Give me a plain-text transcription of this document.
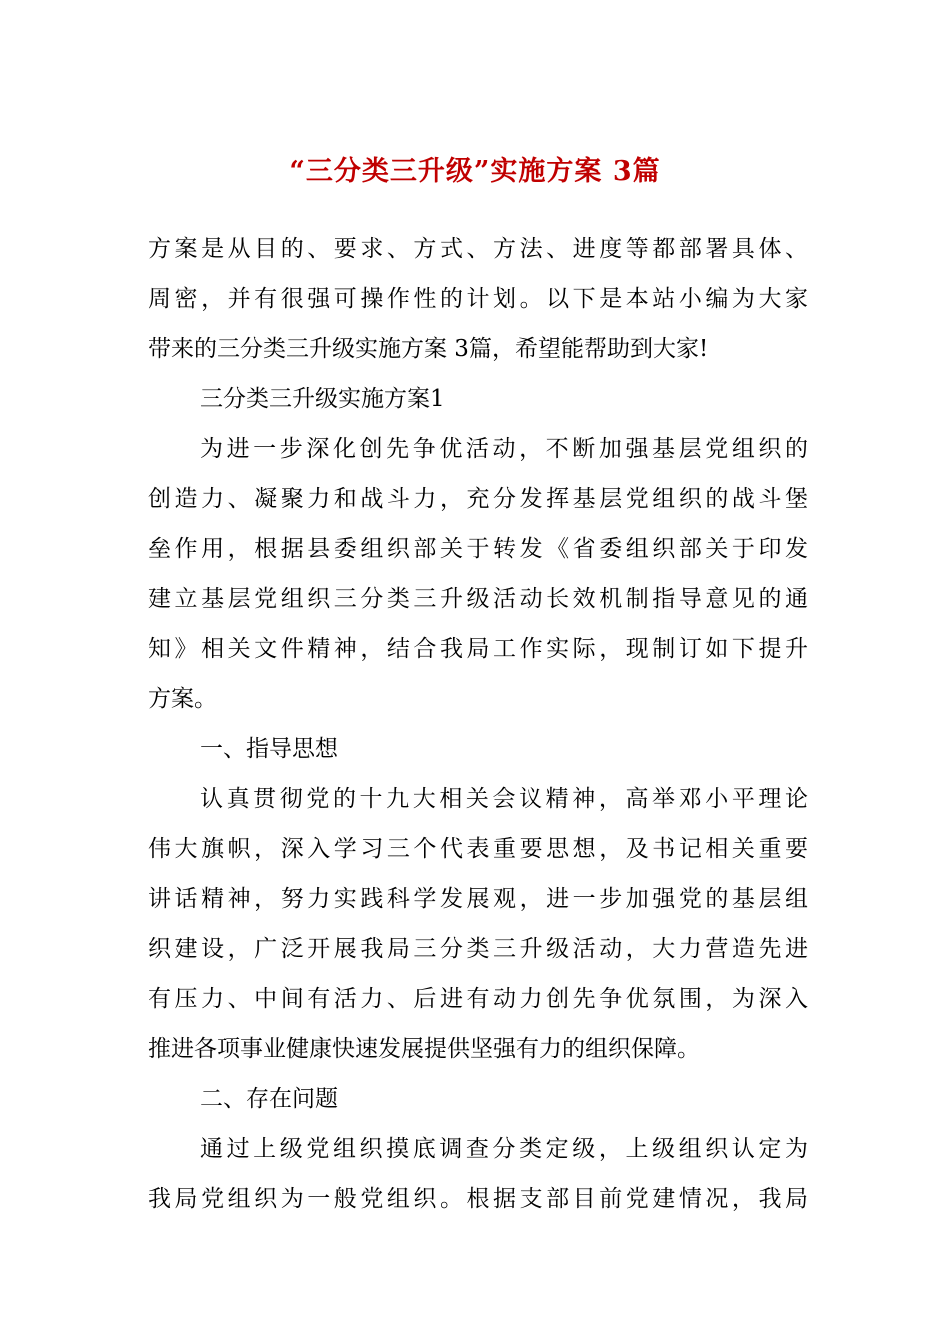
“三分类三升级”实施方案 3篇
方案是从目的、要求、方式、方法、进度等都部署具体、
周密，并有很强可操作性的计划。以下是本站小编为大家
带来的三分类三升级实施方案 3篇，希望能帮助到大家!
三分类三升级实施方案1
为进一步深化创先争优活动，不断加强基层党组织的
创造力、凝聚力和战斗力，充分发挥基层党组织的战斗堡
垒作用，根据县委组织部关于转发《省委组织部关于印发
建立基层党组织三分类三升级活动长效机制指导意见的通
知》相关文件精神，结合我局工作实际，现制订如下提升
方案。
一、指导思想
认真贯彻党的十九大相关会议精神，高举邓小平理论
伟大旗帜，深入学习三个代表重要思想，及书记相关重要
讲话精神，努力实践科学发展观，进一步加强党的基层组
织建设，广泛开展我局三分类三升级活动，大力营造先进
有压力、中间有活力、后进有动力创先争优氛围，为深入
推进各项事业健康快速发展提供坚强有力的组织保障。
二、存在问题
通过上级党组织摸底调查分类定级，上级组织认定为
我局党组织为一般党组织。根据支部目前党建情况，我局
